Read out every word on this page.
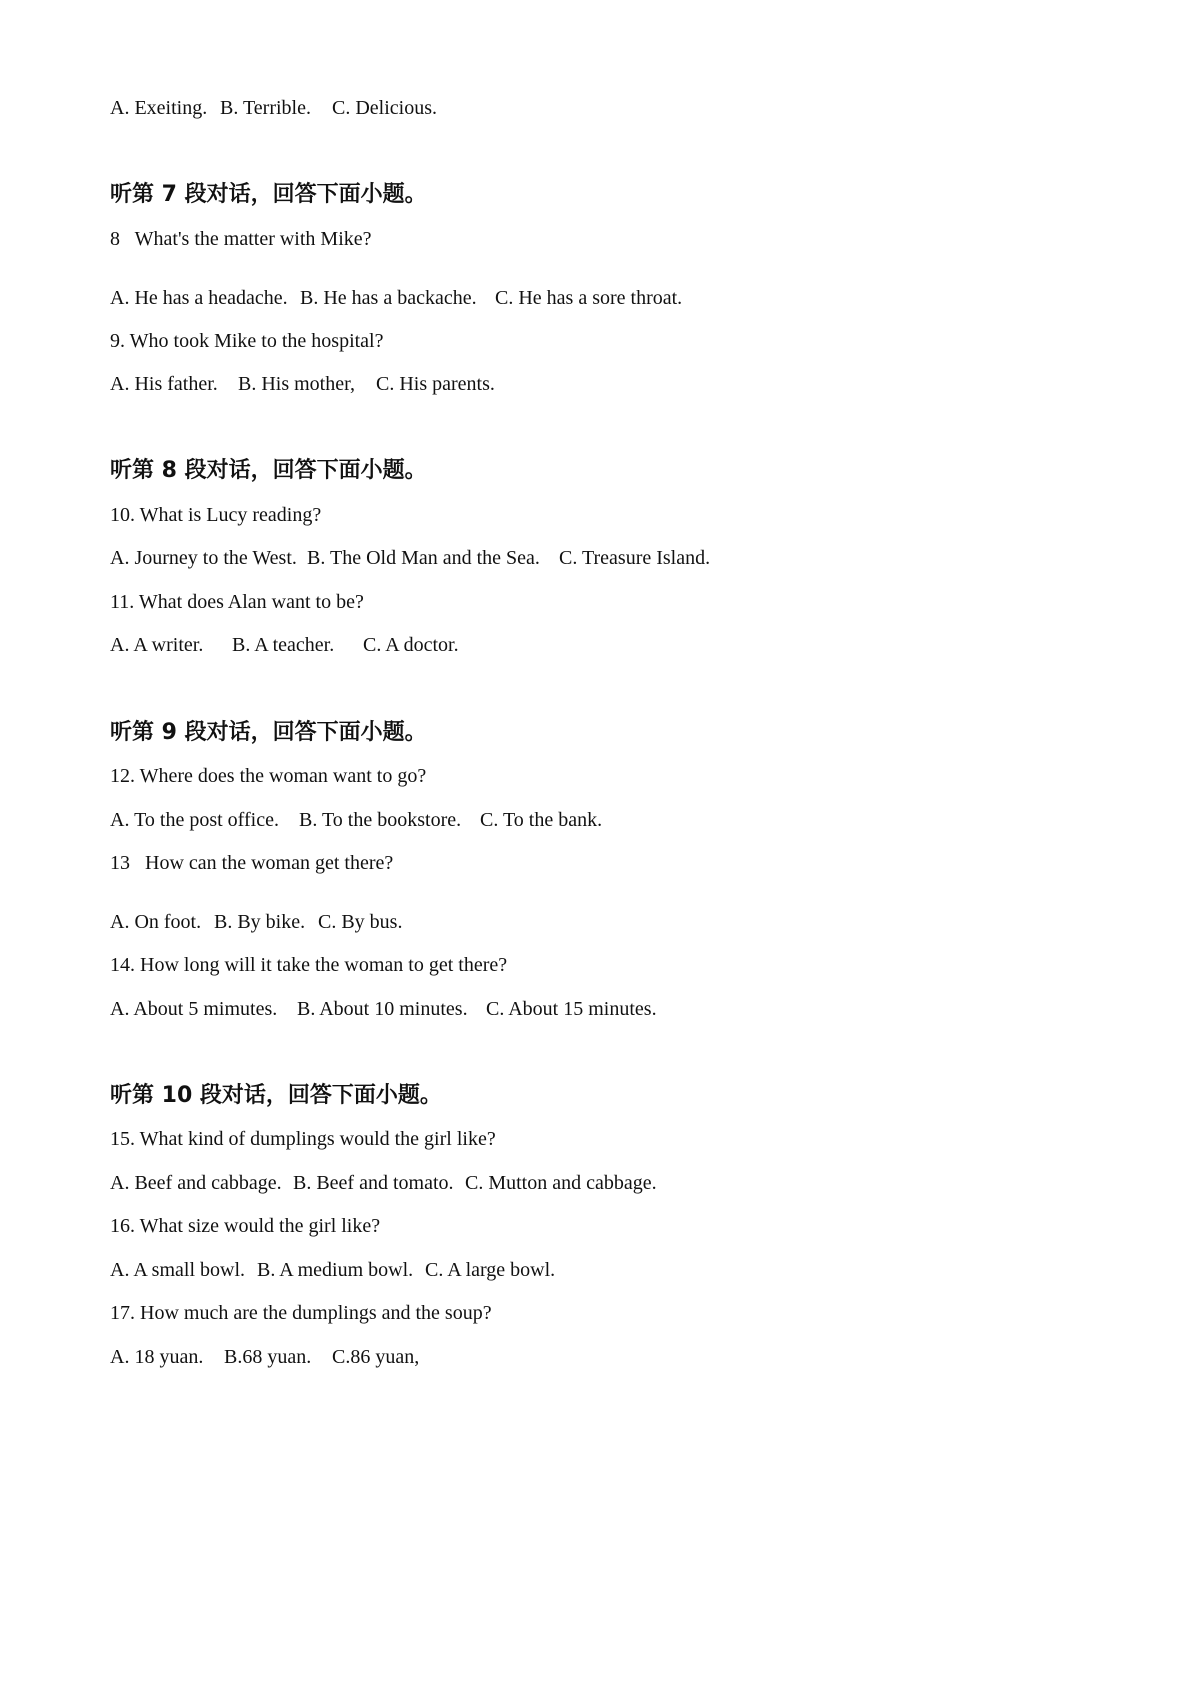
A. Exeiting. B. Terrible. C. Delicious.
听第 7 段对话，回答下面小题。
8   What's the matter with Mike?
A. He has a headache. B. He has a backache. C. He has a sore throat.
9. Who took Mike to the hospital?
A. His father. B. His mother, C. His parents.
听第 8 段对话，回答下面小题。
10. What is Lucy reading?
A. Journey to the West. B. The Old Man and the Sea. C. Treasure Island.
11. What does Alan want to be?
A. A writer. B. A teacher. C. A doctor.
听第 9 段对话，回答下面小题。
12. Where does the woman want to go?
A. To the post office. B. To the bookstore. C. To the bank.
13   How can the woman get there?
A. On foot. B. By bike. C. By bus.
14. How long will it take the woman to get there?
A. About 5 mimutes. B. About 10 minutes. C. About 15 minutes.
听第 10 段对话，回答下面小题。
15. What kind of dumplings would the girl like?
A. Beef and cabbage. B. Beef and tomato. C. Mutton and cabbage.
16. What size would the girl like?
A. A small bowl. B. A medium bowl. C. A large bowl.
17. How much are the dumplings and the soup?
A. 18 yuan. B.68 yuan. C.86 yuan,
